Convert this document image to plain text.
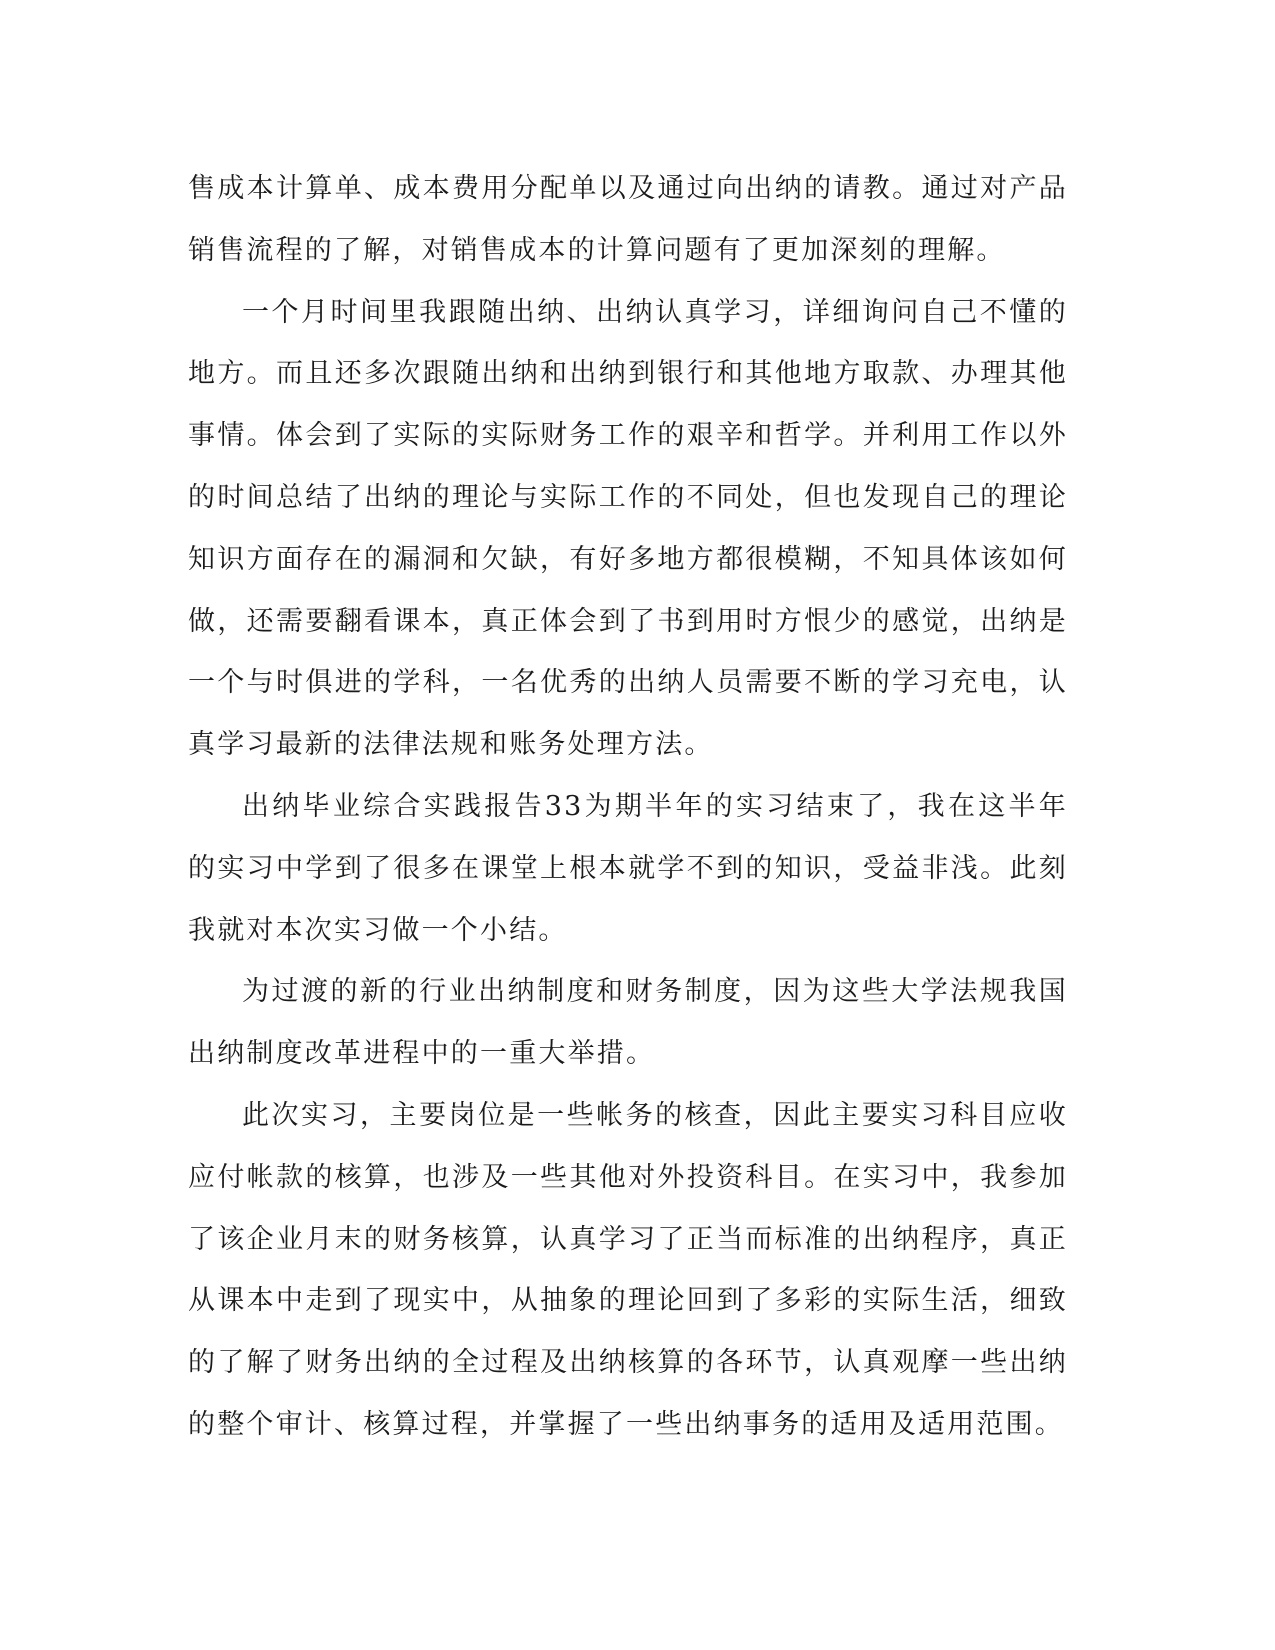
售成本计算单、成本费用分配单以及通过向出纳的请教。通过对产品销售流程的了解，对销售成本的计算问题有了更加深刻的理解。

一个月时间里我跟随出纳、出纳认真学习，详细询问自己不懂的地方。而且还多次跟随出纳和出纳到银行和其他地方取款、办理其他事情。体会到了实际的实际财务工作的艰辛和哲学。并利用工作以外的时间总结了出纳的理论与实际工作的不同处，但也发现自己的理论知识方面存在的漏洞和欠缺，有好多地方都很模糊，不知具体该如何做，还需要翻看课本，真正体会到了书到用时方恨少的感觉，出纳是一个与时俱进的学科，一名优秀的出纳人员需要不断的学习充电，认真学习最新的法律法规和账务处理方法。

出纳毕业综合实践报告33为期半年的实习结束了，我在这半年的实习中学到了很多在课堂上根本就学不到的知识，受益非浅。此刻我就对本次实习做一个小结。

为过渡的新的行业出纳制度和财务制度，因为这些大学法规我国出纳制度改革进程中的一重大举措。

此次实习，主要岗位是一些帐务的核查，因此主要实习科目应收应付帐款的核算，也涉及一些其他对外投资科目。在实习中，我参加了该企业月末的财务核算，认真学习了正当而标准的出纳程序，真正从课本中走到了现实中，从抽象的理论回到了多彩的实际生活，细致的了解了财务出纳的全过程及出纳核算的各环节，认真观摩一些出纳的整个审计、核算过程，并掌握了一些出纳事务的适用及适用范围。
